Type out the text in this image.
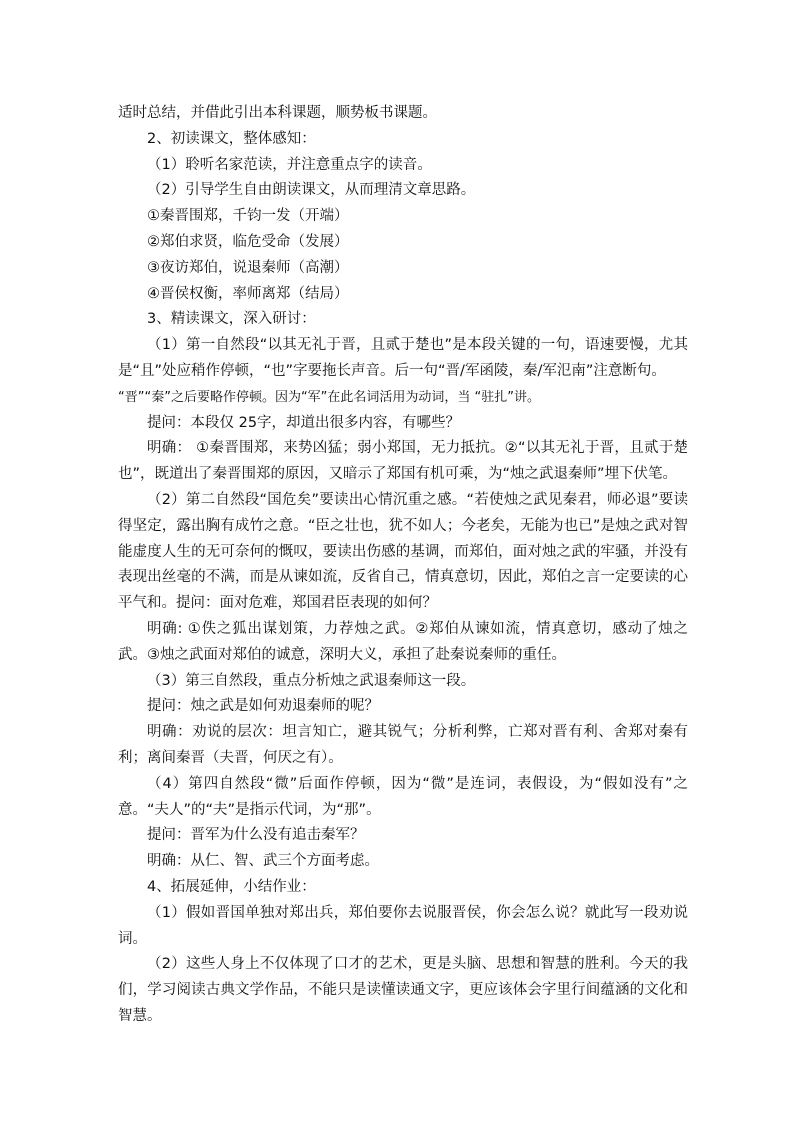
适时总结，并借此引出本科课题，顺势板书课题。

2、初读课文，整体感知：

（1）聆听名家范读，并注意重点字的读音。

（2）引导学生自由朗读课文，从而理清文章思路。

①秦晋围郑，千钧一发（开端）

②郑伯求贤，临危受命（发展）

③夜访郑伯，说退秦师（高潮）

④晋侯权衡，率师离郑（结局）

3、精读课文，深入研讨：

（1）第一自然段“以其无礼于晋，且贰于楚也”是本段关键的一句，语速要慢，尤其是“且”处应稍作停顿，“也”字要拖长声音。后一句“晋/军函陵，秦/军氾南”注意断句。

“晋”“秦”之后要略作停顿。因为“军”在此名词活用为动词，当 “驻扎”讲。

提问：本段仅 25字，却道出很多内容，有哪些？

明确： ①秦晋围郑，来势凶猛；弱小郑国，无力抵抗。②“以其无礼于晋，且贰于楚也”，既道出了秦晋围郑的原因，又暗示了郑国有机可乘，为“烛之武退秦师”埋下伏笔。

（2）第二自然段“国危矣”要读出心情沉重之感。“若使烛之武见秦君，师必退”要读得坚定，露出胸有成竹之意。“臣之壮也，犹不如人；今老矣，无能为也已”是烛之武对智能虚度人生的无可奈何的慨叹，要读出伤感的基调，而郑伯，面对烛之武的牢骚，并没有表现出丝毫的不满，而是从谏如流，反省自己，情真意切，因此，郑伯之言一定要读的心平气和。提问：面对危难，郑国君臣表现的如何？

明确: ①佚之狐出谋划策，力荐烛之武。②郑伯从谏如流，情真意切，感动了烛之武。③烛之武面对郑伯的诚意，深明大义，承担了赴秦说秦师的重任。

（3）第三自然段，重点分析烛之武退秦师这一段。

提问：烛之武是如何劝退秦师的呢？

明确：劝说的层次：坦言知亡，避其锐气；分析利弊，亡郑对晋有利、舍郑对秦有利；离间秦晋（夫晋，何厌之有）。

（4）第四自然段“微”后面作停顿，因为“微”是连词，表假设，为“假如没有”之意。“夫人”的“夫”是指示代词，为“那”。

提问：晋军为什么没有追击秦军？

明确：从仁、智、武三个方面考虑。

4、拓展延伸，小结作业：

（1）假如晋国单独对郑出兵，郑伯要你去说服晋侯，你会怎么说？就此写一段劝说词。

（2）这些人身上不仅体现了口才的艺术，更是头脑、思想和智慧的胜利。今天的我们，学习阅读古典文学作品，不能只是读懂读通文字，更应该体会字里行间蕴涵的文化和智慧。
